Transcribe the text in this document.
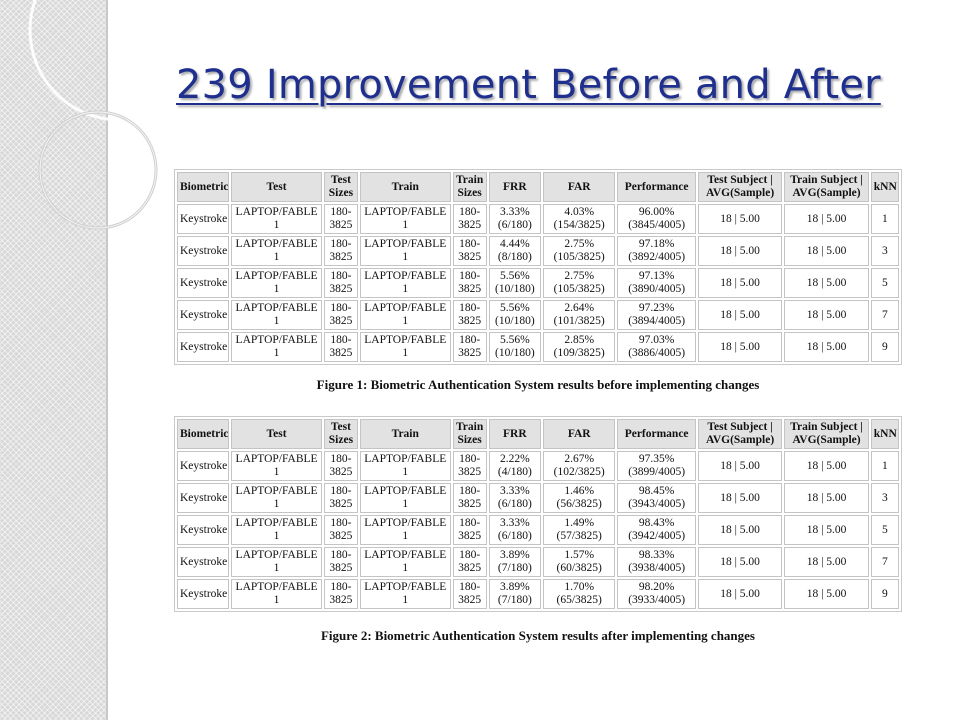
239 Improvement Before and After
Biometric	Test	Test Sizes	Train	Train Sizes	FRR	FAR	Performance	Test Subject | AVG(Sample)	Train Subject | AVG(Sample)	kNN
Keystroke	LAPTOP/FABLE 1	180-3825	LAPTOP/FABLE 1	180-3825	3.33% (6/180)	4.03% (154/3825)	96.00% (3845/4005)	18 | 5.00	18 | 5.00	1
Keystroke	LAPTOP/FABLE 1	180-3825	LAPTOP/FABLE 1	180-3825	4.44% (8/180)	2.75% (105/3825)	97.18% (3892/4005)	18 | 5.00	18 | 5.00	3
Keystroke	LAPTOP/FABLE 1	180-3825	LAPTOP/FABLE 1	180-3825	5.56% (10/180)	2.75% (105/3825)	97.13% (3890/4005)	18 | 5.00	18 | 5.00	5
Keystroke	LAPTOP/FABLE 1	180-3825	LAPTOP/FABLE 1	180-3825	5.56% (10/180)	2.64% (101/3825)	97.23% (3894/4005)	18 | 5.00	18 | 5.00	7
Keystroke	LAPTOP/FABLE 1	180-3825	LAPTOP/FABLE 1	180-3825	5.56% (10/180)	2.85% (109/3825)	97.03% (3886/4005)	18 | 5.00	18 | 5.00	9

Figure 1: Biometric Authentication System results before implementing changes

Biometric	Test	Test Sizes	Train	Train Sizes	FRR	FAR	Performance	Test Subject | AVG(Sample)	Train Subject | AVG(Sample)	kNN
Keystroke	LAPTOP/FABLE 1	180-3825	LAPTOP/FABLE 1	180-3825	2.22% (4/180)	2.67% (102/3825)	97.35% (3899/4005)	18 | 5.00	18 | 5.00	1
Keystroke	LAPTOP/FABLE 1	180-3825	LAPTOP/FABLE 1	180-3825	3.33% (6/180)	1.46% (56/3825)	98.45% (3943/4005)	18 | 5.00	18 | 5.00	3
Keystroke	LAPTOP/FABLE 1	180-3825	LAPTOP/FABLE 1	180-3825	3.33% (6/180)	1.49% (57/3825)	98.43% (3942/4005)	18 | 5.00	18 | 5.00	5
Keystroke	LAPTOP/FABLE 1	180-3825	LAPTOP/FABLE 1	180-3825	3.89% (7/180)	1.57% (60/3825)	98.33% (3938/4005)	18 | 5.00	18 | 5.00	7
Keystroke	LAPTOP/FABLE 1	180-3825	LAPTOP/FABLE 1	180-3825	3.89% (7/180)	1.70% (65/3825)	98.20% (3933/4005)	18 | 5.00	18 | 5.00	9

Figure 2: Biometric Authentication System results after implementing changes
